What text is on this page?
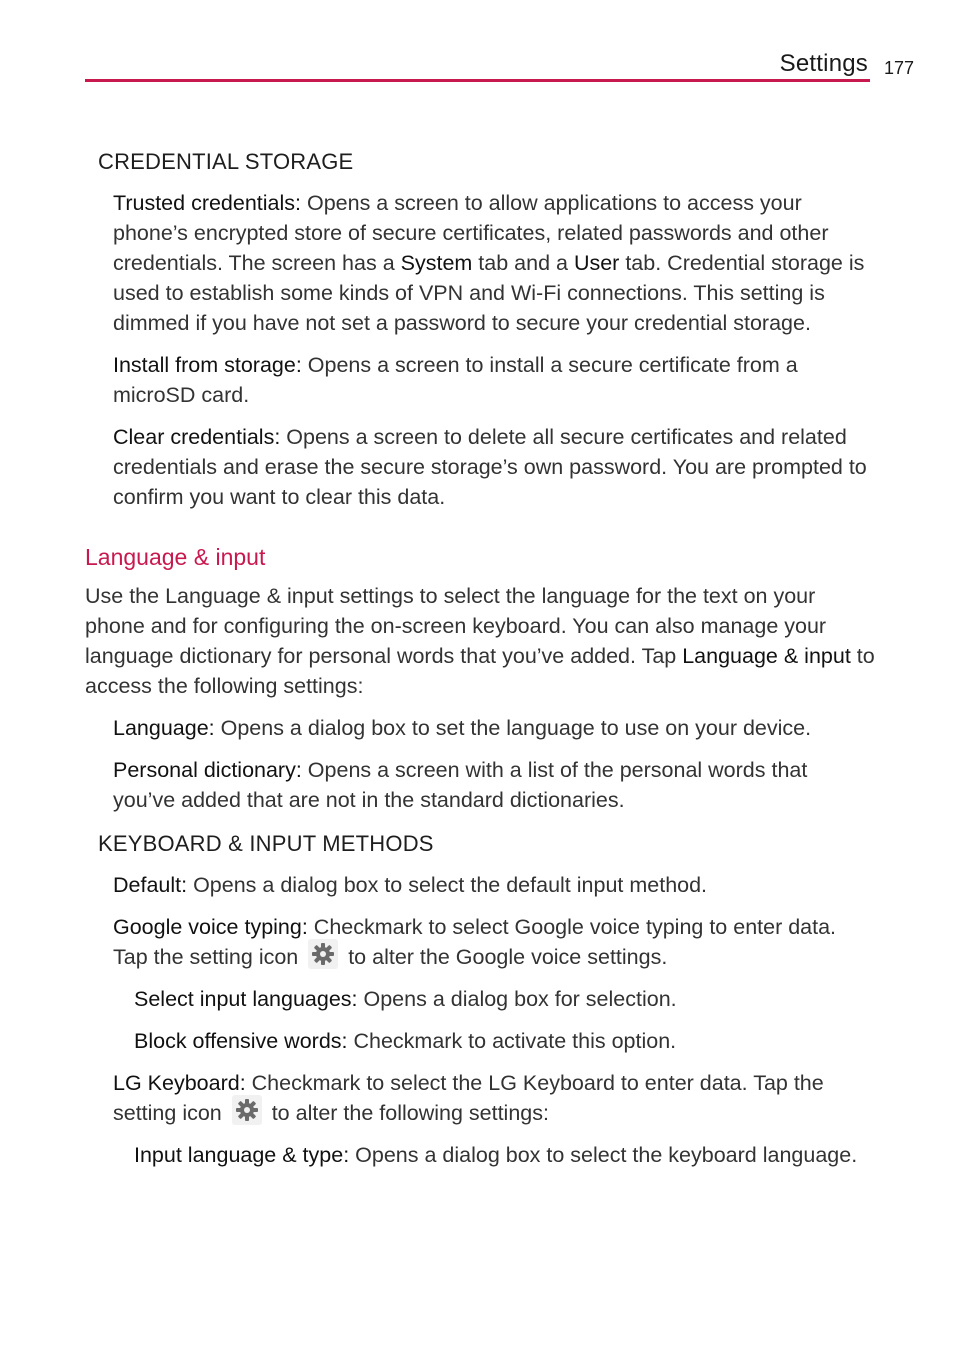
Settings 177
CREDENTIAL STORAGE
Trusted credentials: Opens a screen to allow applications to access your phone’s encrypted store of secure certificates, related passwords and other credentials. The screen has a System tab and a User tab. Credential storage is used to establish some kinds of VPN and Wi-Fi connections. This setting is dimmed if you have not set a password to secure your credential storage.
Install from storage: Opens a screen to install a secure certificate from a microSD card.
Clear credentials: Opens a screen to delete all secure certificates and related credentials and erase the secure storage’s own password. You are prompted to confirm you want to clear this data.
Language & input
Use the Language & input settings to select the language for the text on your phone and for configuring the on-screen keyboard. You can also manage your language dictionary for personal words that you’ve added. Tap Language & input to access the following settings:
Language: Opens a dialog box to set the language to use on your device.
Personal dictionary: Opens a screen with a list of the personal words that you’ve added that are not in the standard dictionaries.
KEYBOARD & INPUT METHODS
Default: Opens a dialog box to select the default input method.
Google voice typing: Checkmark to select Google voice typing to enter data. Tap the setting icon  to alter the Google voice settings.
Select input languages: Opens a dialog box for selection.
Block offensive words: Checkmark to activate this option.
LG Keyboard: Checkmark to select the LG Keyboard to enter data. Tap the setting icon  to alter the following settings:
Input language & type: Opens a dialog box to select the keyboard language.
